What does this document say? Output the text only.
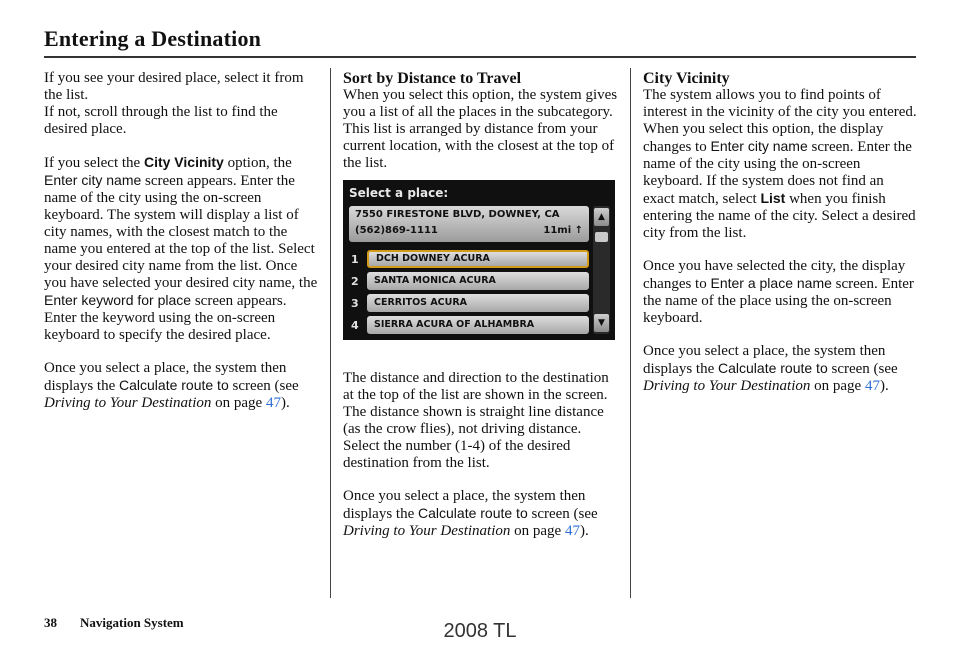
Entering a Destination

If you see your desired place, select it from the list.
If not, scroll through the list to find the desired place.

If you select the City Vicinity option, the Enter city name screen appears. Enter the name of the city using the on-screen keyboard. The system will display a list of city names, with the closest match to the name you entered at the top of the list. Select your desired city name from the list. Once you have selected your desired city name, the Enter keyword for place screen appears. Enter the keyword using the on-screen keyboard to specify the desired place.

Once you select a place, the system then displays the Calculate route to screen (see Driving to Your Destination on page 47).

Sort by Distance to Travel
When you select this option, the system gives you a list of all the places in the subcategory. This list is arranged by distance from your current location, with the closest at the top of the list.

The distance and direction to the destination at the top of the list are shown in the screen. The distance shown is straight line distance (as the crow flies), not driving distance. Select the number (1-4) of the desired destination from the list.

Once you select a place, the system then displays the Calculate route to screen (see Driving to Your Destination on page 47).

Select a place:
7550 FIRESTONE BLVD, DOWNEY, CA
(562)869-1111	11mi ↑
1	DCH DOWNEY ACURA
2	SANTA MONICA ACURA
3	CERRITOS ACURA
4	SIERRA ACURA OF ALHAMBRA
▲
▼

City Vicinity
The system allows you to find points of interest in the vicinity of the city you entered. When you select this option, the display changes to Enter city name screen. Enter the name of the city using the on-screen keyboard. If the system does not find an exact match, select List when you finish entering the name of the city. Select a desired city from the list.

Once you have selected the city, the display changes to Enter a place name screen. Enter the name of the place using the on-screen keyboard.

Once you select a place, the system then displays the Calculate route to screen (see Driving to Your Destination on page 47).

38 Navigation System	2008 TL
